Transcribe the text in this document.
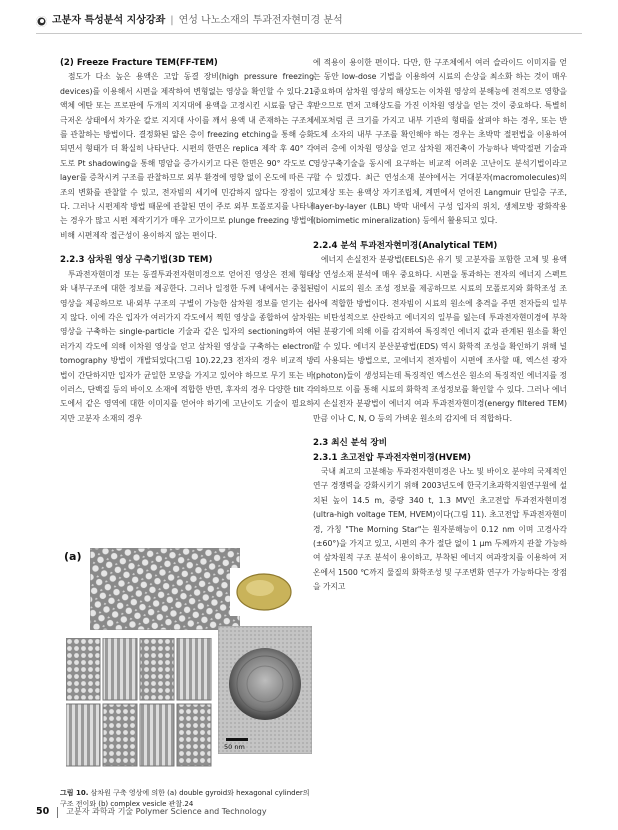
고분자 특성분석 지상강좌 | 연성 나노소재의 투과전자현미경 분석

(2) Freeze Fracture TEM(FF-TEM)

점도가 다소 높은 용액은 고압 동결 장비(high pressure freezing devices)를 이용해서 시편을 제작하여 변형없는 영상을 확인할 수 있다.21 액체 에탄 또는 프로판에 두개의 지지대에 용액을 고정시킨 시료를 담근 후 극저온 상태에서 차가운 칼로 지지대 사이를 깨서 용액 내 존재하는 구조체를 관찰하는 방법이다. 결정화된 얇은 층이 freezing etching을 통해 승화되면서 형태가 더 확실히 나타난다. 시편의 한면은 replica 제작 후 40° 각도로 Pt shadowing을 통해 명암을 증가시키고 다른 한면은 90° 각도로 C layer를 증착시켜 구조를 관찰하므로 외부 환경에 영향 없이 온도에 따른 구조의 변화를 관찰할 수 있고, 전자빔의 세기에 민감하지 않다는 장점이 있다. 그러나 시편제작 방법 때문에 관찰된 면이 주로 외부 토폴로지를 나타내는 경우가 많고 시편 제작기기가 매우 고가이므로 plunge freezing 방법에 비해 시편제작 접근성이 용이하지 않는 편이다.

2.2.3 삼차원 영상 구축기법(3D TEM)

투과전자현미경 또는 동결투과전자현미경으로 얻어진 영상은 전체 형태와 내부구조에 대한 정보를 제공한다. 그러나 일정한 두께 내에서는 중첩된 영상을 제공하므로 내·외부 구조의 구별이 가능한 삼차원 정보를 얻기는 쉽지 않다. 이에 각은 입자가 여러가지 각도에서 찍힌 영상을 종합하여 삼차원 영상을 구축하는 single-particle 기술과 같은 입자의 sectioning하여 여러가지 각도에 의해 이차원 영상을 얻고 삼차원 영상을 구축하는 electron tomography 방법이 개발되었다(그림 10).22,23 전자의 경우 비교적 방법이 간단하지만 입자가 균일한 모양을 가지고 있어야 하므로 무기 또는 바이러스, 단백질 등의 바이오 소재에 적합한 반면, 후자의 경우 다양한 tilt 각도에서 같은 영역에 대한 이미지를 얻어야 하기에 고난이도 기술이 필요하지만 고분자 소재의 경우

(a)
50 nm
그림 10. 삼차원 구축 영상에 의한 (a) double gyroid와 hexagonal cylinder의 구조 전이와 (b) complex vesicle 관찰.24

에 적용이 용이한 편이다. 다만, 한 구조체에서 여러 슬라이드 이미지를 얻는 동안 low-dose 기법을 이용하여 시료의 손상을 최소화 하는 것이 매우 중요하며 삼차원 영상의 해상도는 이차원 영상의 분해능에 전적으로 영향을 받으므로 먼저 고해상도를 가진 이차원 영상을 얻는 것이 중요하다. 특별히 세포처럼 큰 크기를 가지고 내부 기관의 형태를 살펴야 하는 경우, 또는 반도체 소자의 내부 구조를 확인해야 하는 경우는 초박막 절편법을 이용하여 여러 층에 이차원 영상을 얻고 삼차원 재건축이 가능하나 박막절편 기술과 영상구축기술을 동시에 요구하는 비교적 어려운 고난이도 분석기법이라고 할 수 있겠다. 최근 연성소재 분야에서는 거대분자(macromolecules)의 고체상 또는 용액상 자기조립체, 계면에서 얻어진 Langmuir 단일층 구조, layer-by-layer (LBL) 박막 내에서 구성 입자의 위치, 생체모방 광화작용(biomimetic mineralization) 등에서 활용되고 있다.

2.2.4 분석 투과전자현미경(Analytical TEM)

에너지 손실전자 분광법(EELS)은 유기 및 고분자를 포함한 고체 및 용액상 연성소재 분석에 매우 중요하다. 시편을 통과하는 전자의 에너지 스펙트럼이 시료의 원소 조성 정보를 제공하므로 시료의 모폴로지와 화학조성 조사에 적합한 방법이다. 전자빔이 시료의 원소에 충격을 주면 전자들의 일부는 비탄성적으로 산란하고 에너지의 일부를 잃는데 투과전자현미경에 부착된 분광기에 의해 이를 감지하여 특징적인 에너지 값과 관계된 원소를 확인할 수 있다. 에너지 분산분광법(EDS) 역시 화학적 조성을 확인하기 위해 널리 사용되는 방법으로, 고에너지 전자빔이 시편에 조사할 때, 엑스선 광자(photon)들이 생성되는데 특징적인 엑스선은 원소의 특징적인 에너지를 정의하므로 이를 통해 시료의 화학적 조성정보를 확인할 수 있다. 그러나 에너지 손실전자 분광법이 에너지 여과 투과전자현미경(energy filtered TEM) 만큼 이나 C, N, O 등의 가벼운 원소의 감지에 더 적합하다.

2.3 최신 분석 장비

2.3.1 초고전압 투과전자현미경(HVEM)

국내 최고의 고분해능 투과전자현미경은 나노 및 바이오 분야의 국제적인 연구 경쟁력을 강화시키기 위해 2003년도에 한국기초과학지원연구원에 설치된 높이 14.5 m, 중량 340 t, 1.3 MV인 초고전압 투과전자현미경(ultra-high voltage TEM, HVEM)이다(그림 11). 초고전압 투과전자현미경, 가칭 "The Morning Star"는 원자분해능이 0.12 nm 이며 고경사각(±60°)을 가지고 있고, 시편의 추가 절단 없이 1 μm 두께까지 관찰 가능하여 삼차원적 구조 분석이 용이하고, 부착된 에너지 여과장치를 이용하여 저온에서 1500 ℃까지 물질의 화학조성 및 구조변화 연구가 가능하다는 장점을 가지고

50 고분자 과학과 기술 Polymer Science and Technology
